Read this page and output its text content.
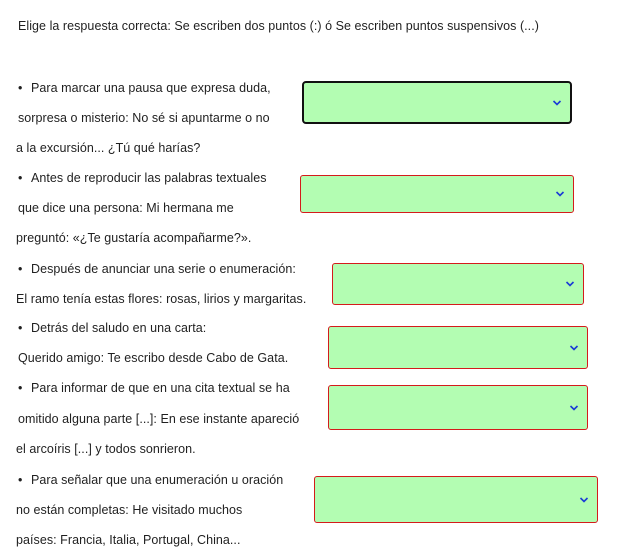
Elige la respuesta correcta: Se escriben dos puntos (:) ó Se escriben puntos suspensivos (...)
• Para marcar una pausa que expresa duda,
sorpresa o misterio: No sé si apuntarme o no
a la excursión... ¿Tú qué harías?
• Antes de reproducir las palabras textuales
que dice una persona: Mi hermana me
preguntó: «¿Te gustaría acompañarme?».
• Después de anunciar una serie o enumeración:
El ramo tenía estas flores: rosas, lirios y margaritas.
• Detrás del saludo en una carta:
Querido amigo: Te escribo desde Cabo de Gata.
• Para informar de que en una cita textual se ha
omitido alguna parte [...]: En ese instante apareció
el arcoíris [...] y todos sonrieron.
• Para señalar que una enumeración u oración
no están completas: He visitado muchos
países: Francia, Italia, Portugal, China...
